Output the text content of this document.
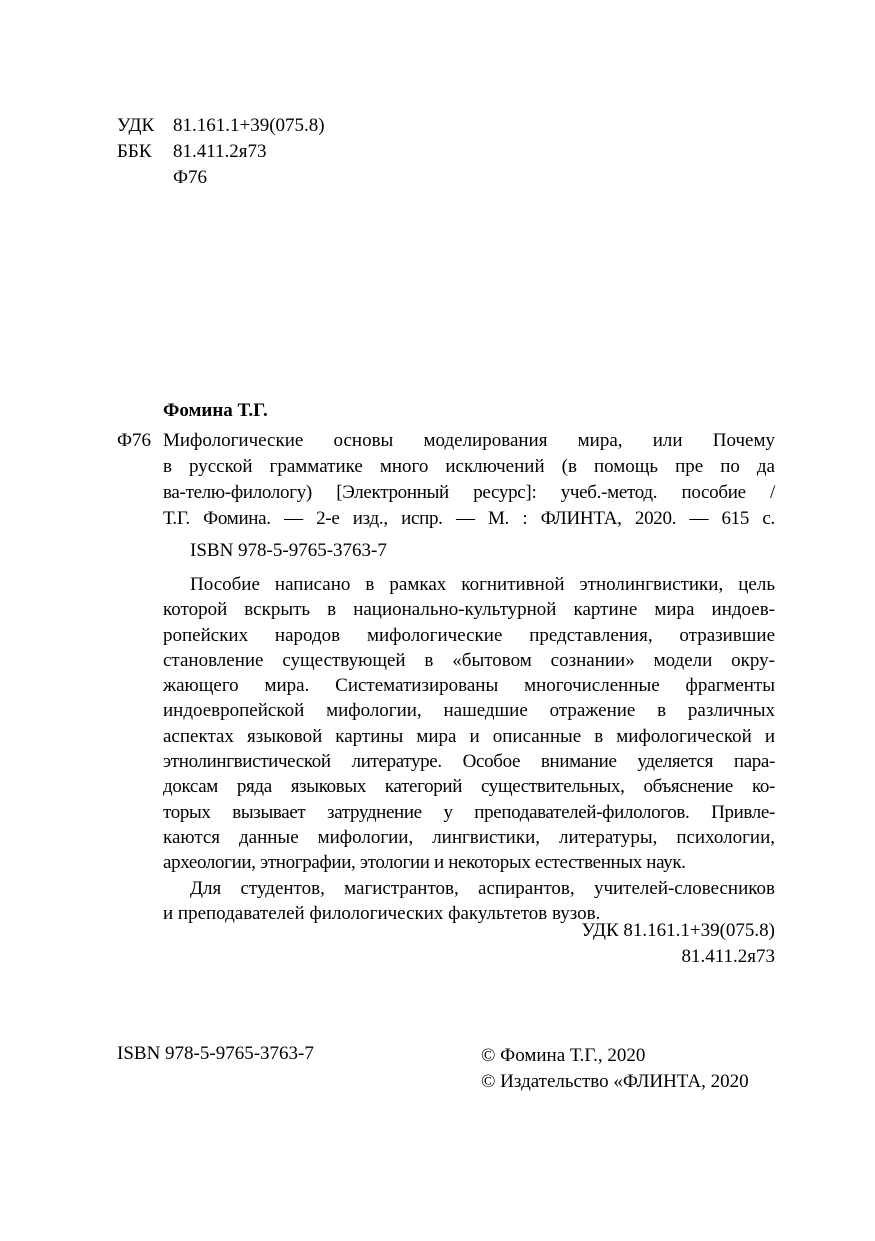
УДК 81.161.1+39(075.8)
ББК	81.411.2я73
Ф76
Фомина Т.Г.
Ф76 Мифологические основы моделирования мира, или Почему
в русской грамматике много исключений (в помощь пре по да
ва-телю-филологу) [Электронный ресурс]: учеб.-метод. пособие /
Т.Г. Фомина. — 2-е изд., испр. — М. : ФЛИНТА, 2020. — 615 с.
ISBN 978-5-9765-3763-7
Пособие написано в рамках когнитивной этнолингвистики, цель
которой вскрыть в национально-культурной картине мира индоев-
ропейских народов мифологические представления, отразившие
становление существующей в «бытовом сознании» модели окру-
жающего мира. Систематизированы многочисленные фрагменты
индоевропейской мифологии, нашедшие отражение в различных
аспектах языковой картины мира и описанные в мифологической и
этнолингвистической литературе. Особое внимание уделяется пара-
доксам ряда языковых категорий существительных, объяснение ко-
торых вызывает затруднение у преподавателей-филологов. Привле-
каются данные мифологии, лингвистики, литературы, психологии,
археологии, этнографии, этологии и некоторых естественных наук.
Для студентов, магистрантов, аспирантов, учителей-словесников
и преподавателей филологических факультетов вузов.
УДК 81.161.1+39(075.8)
81.411.2я73
ISBN 978-5-9765-3763-7	© Фомина Т.Г., 2020
© Издательство «ФЛИНТА, 2020
